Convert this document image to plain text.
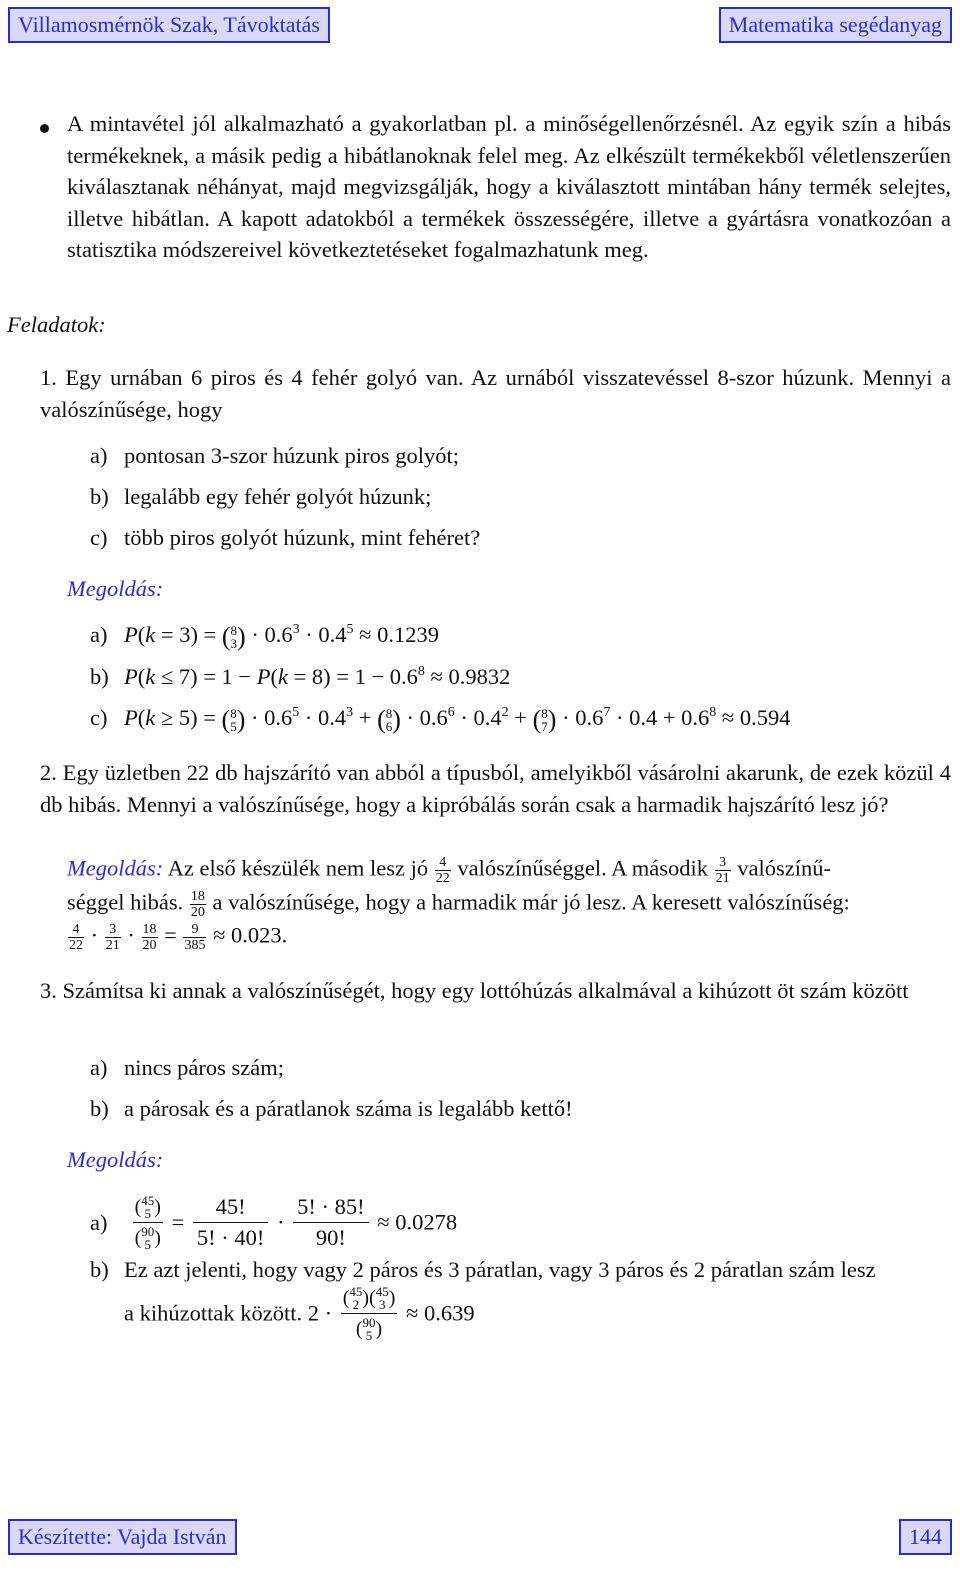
Villamosmérnök Szak, Távoktatás	Matematika segédanyag
A mintavétel jól alkalmazható a gyakorlatban pl. a minőségellenőrzésnél. Az egyik szín a hibás termékeknek, a másik pedig a hibátlanoknak felel meg. Az elkészült termékekből véletlenszerűen kiválasztanak néhányat, majd megvizsgálják, hogy a kiválasztott mintában hány termék selejtes, illetve hibátlan. A kapott adatokból a termékek összességére, illetve a gyártásra vonatkozóan a statisztika módszereivel következtetéseket fogalmazhatunk meg.
Feladatok:
1. Egy urnában 6 piros és 4 fehér golyó van. Az urnából visszatevéssel 8-szor húzunk. Mennyi a valószínűsége, hogy
a) pontosan 3-szor húzunk piros golyót;
b) legalább egy fehér golyót húzunk;
c) több piros golyót húzunk, mint fehéret?
Megoldás:
a) P(k = 3) = ( 8
3 ) · $0.6^3 \cdot 0.4^5 \approx 0.1239$
b) $P(k \le 7) = 1 - P(k = 8) = 1 - 0.6^8 \approx 0.9832$
c) P(k ≥ 5) = ( 8
5 ) · $0.6^5 \cdot 0.4^3$ + ( 8
6 ) · $0.6^6 \cdot 0.4^2$ + ( 8
7 ) · $0.6^7 \cdot 0.4 + 0.6^8 \approx 0.594$
2. Egy üzletben 22 db hajszárító van abból a típusból, amelyikből vásárolni akarunk, de ezek közül 4 db hibás. Mennyi a valószínűsége, hogy a kipróbálás során csak a harmadik hajszárító lesz jó?
Megoldás: Az első készülék nem lesz jó $\frac{4}{22}$ valószínűséggel. A második $\frac{3}{21}$ valószínű-
séggel hibás. $\frac{18}{20}$ a valószínűsége, hogy a harmadik már jó lesz. A keresett valószínűség:
$\frac{4}{22} \cdot \frac{3}{21} \cdot \frac{18}{20} = \frac{9}{385} \approx 0.023$.
3. Számítsa ki annak a valószínűségét, hogy egy lottóhúzás alkalmával a kihúzott öt szám között
a) nincs páros szám;
b) a párosak és a páratlanok száma is legalább kettő!
Megoldás:
a) ( 45
5 )
( 90
5 ) = $\frac{45!}{5! \cdot 40!} \cdot \frac{5! \cdot 85!}{90!} \approx 0.0278$
b) Ez azt jelenti, hogy vagy 2 páros és 3 páratlan, vagy 3 páros és 2 páratlan szám lesz
a kihúzottak között. 2 · ( 45
2 )( 45
3 )
( 90
5 ) ≈ 0.639
Készítette: Vajda István	144
